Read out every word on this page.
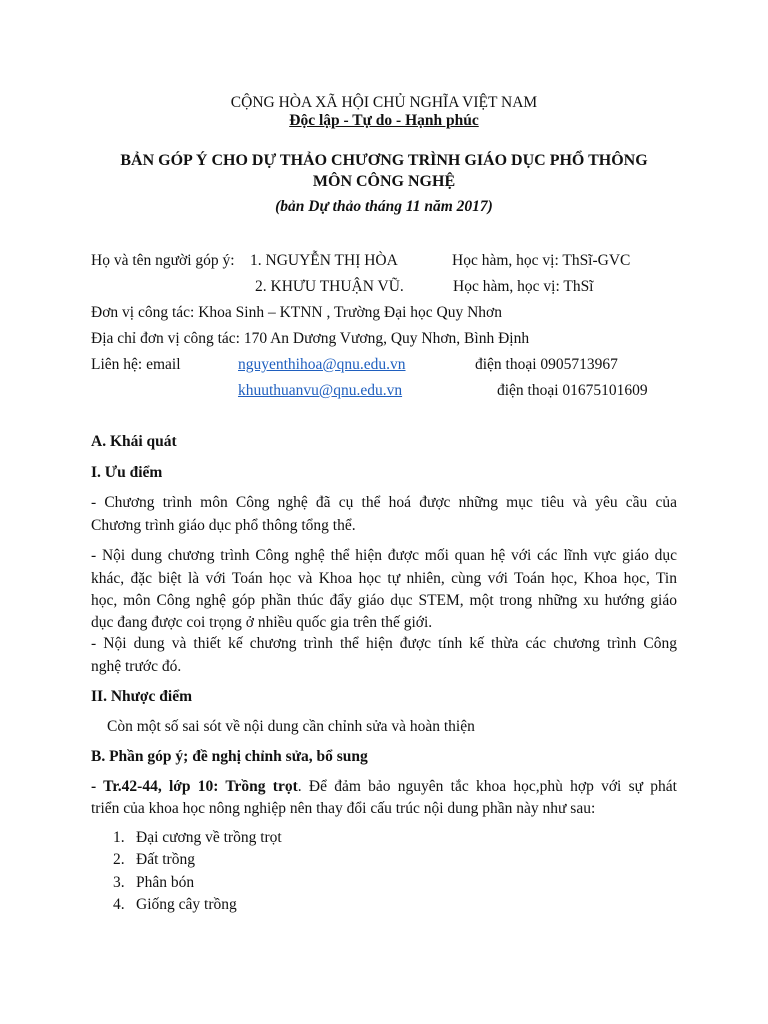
CỘNG HÒA XÃ HỘI CHỦ NGHĨA VIỆT NAM
Độc lập - Tự do - Hạnh phúc
BẢN GÓP Ý CHO DỰ THẢO CHƯƠNG TRÌNH GIÁO DỤC PHỔ THÔNG
MÔN CÔNG NGHỆ
(bản Dự thảo tháng 11 năm 2017)
Họ và tên người góp ý: 1. NGUYỄN THỊ HÒA	Học hàm, học vị: ThSĩ-GVC
2. KHƯU THUẬN VŨ.	Học hàm, học vị: ThSĩ
Đơn vị công tác: Khoa Sinh – KTNN , Trường Đại học Quy Nhơn
Địa chỉ đơn vị công tác: 170 An Dương Vương, Quy Nhơn, Bình Định
Liên hệ: email	nguyenthihoa@qnu.edu.vn	điện thoại 0905713967
khuuthuanvu@qnu.edu.vn	điện thoại 01675101609
A. Khái quát
I. Ưu điểm
- Chương trình môn Công nghệ đã cụ thể hoá được những mục tiêu và yêu cầu của
Chương trình giáo dục phổ thông tổng thể.
- Nội dung chương trình Công nghệ thể hiện được mối quan hệ với các lĩnh vực giáo dục
khác, đặc biệt là với Toán học và Khoa học tự nhiên, cùng với Toán học, Khoa học, Tin
học, môn Công nghệ góp phần thúc đẩy giáo dục STEM, một trong những xu hướng giáo
dục đang được coi trọng ở nhiều quốc gia trên thế giới.
- Nội dung và thiết kế chương trình thể hiện được tính kế thừa các chương trình Công
nghệ trước đó.
II. Nhược điểm
Còn một số sai sót về nội dung cần chỉnh sửa và hoàn thiện
B. Phần góp ý; đề nghị chỉnh sửa, bổ sung
- Tr.42-44, lớp 10: Trồng trọt. Để đảm bảo nguyên tắc khoa học,phù hợp với sự phát
triển của khoa học nông nghiệp nên thay đổi cấu trúc nội dung phần này như sau:
1. Đại cương về trồng trọt
2. Đất trồng
3. Phân bón
4. Giống cây trồng
